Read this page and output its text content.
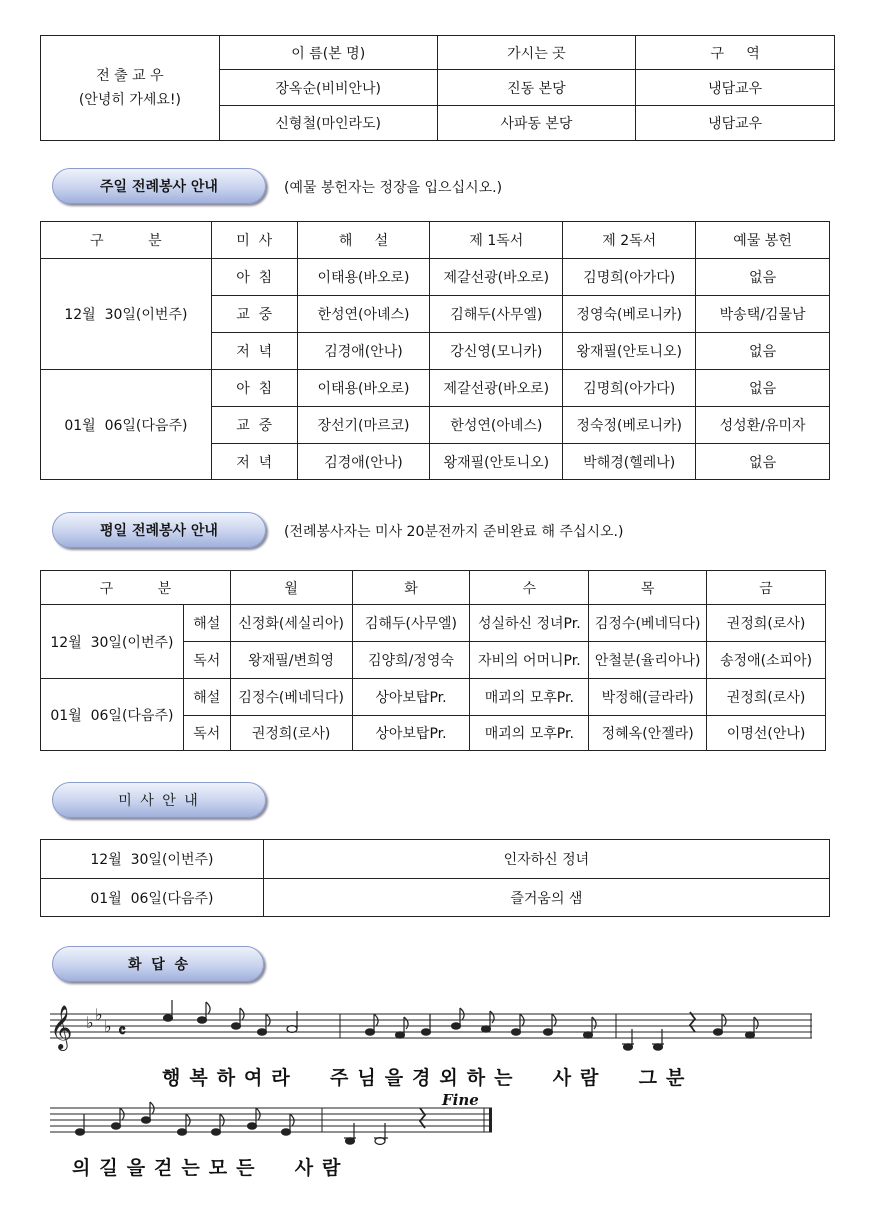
전 출 교 우
(안녕히 가세요!)	이 름(본 명)	가시는 곳	구     역
	장옥순(비비안나)	진동 본당	냉담교우
	신형철(마인라도)	사파동 본당	냉담교우
주일 전례봉사 안내	(예물 봉헌자는 정장을 입으십시오.)
구          분	미  사	해     설	제 1독서	제 2독서	예물 봉헌
12월  30일(이번주)	아  침	이태용(바오로)	제갈선광(바오로)	김명희(아가다)	없음
	교  중	한성연(아녜스)	김해두(사무엘)	정영숙(베로니카)	박송택/김물남
	저  녁	김경애(안나)	강신영(모니카)	왕재필(안토니오)	없음
01월  06일(다음주)	아  침	이태용(바오로)	제갈선광(바오로)	김명희(아가다)	없음
	교  중	장선기(마르코)	한성연(아녜스)	정숙정(베로니카)	성성환/유미자
	저  녁	김경애(안나)	왕재필(안토니오)	박해경(헬레나)	없음
평일 전례봉사 안내	(전례봉사자는 미사 20분전까지 준비완료 해 주십시오.)
구          분		월	화	수	목	금
12월  30일(이번주)	해설	신정화(세실리아)	김해두(사무엘)	성실하신 정녀Pr.	김정수(베네딕다)	권정희(로사)
	독서	왕재필/변희영	김양희/정영숙	자비의 어머니Pr.	안철분(율리아나)	송정애(소피아)
01월  06일(다음주)	해설	김정수(베네딕다)	상아보탑Pr.	매괴의 모후Pr.	박정해(글라라)	권정희(로사)
	독서	권정희(로사)	상아보탑Pr.	매괴의 모후Pr.	정혜옥(안젤라)	이명선(안나)
미 사 안 내
12월  30일(이번주)	인자하신 정녀
01월  06일(다음주)	즐거움의 샘
화  답  송
𝄞 ♭ ♭
♭ 𝄴
Fine
행복하여라  주님을경외하는  사람  그분
의길을걷는모든  사람
